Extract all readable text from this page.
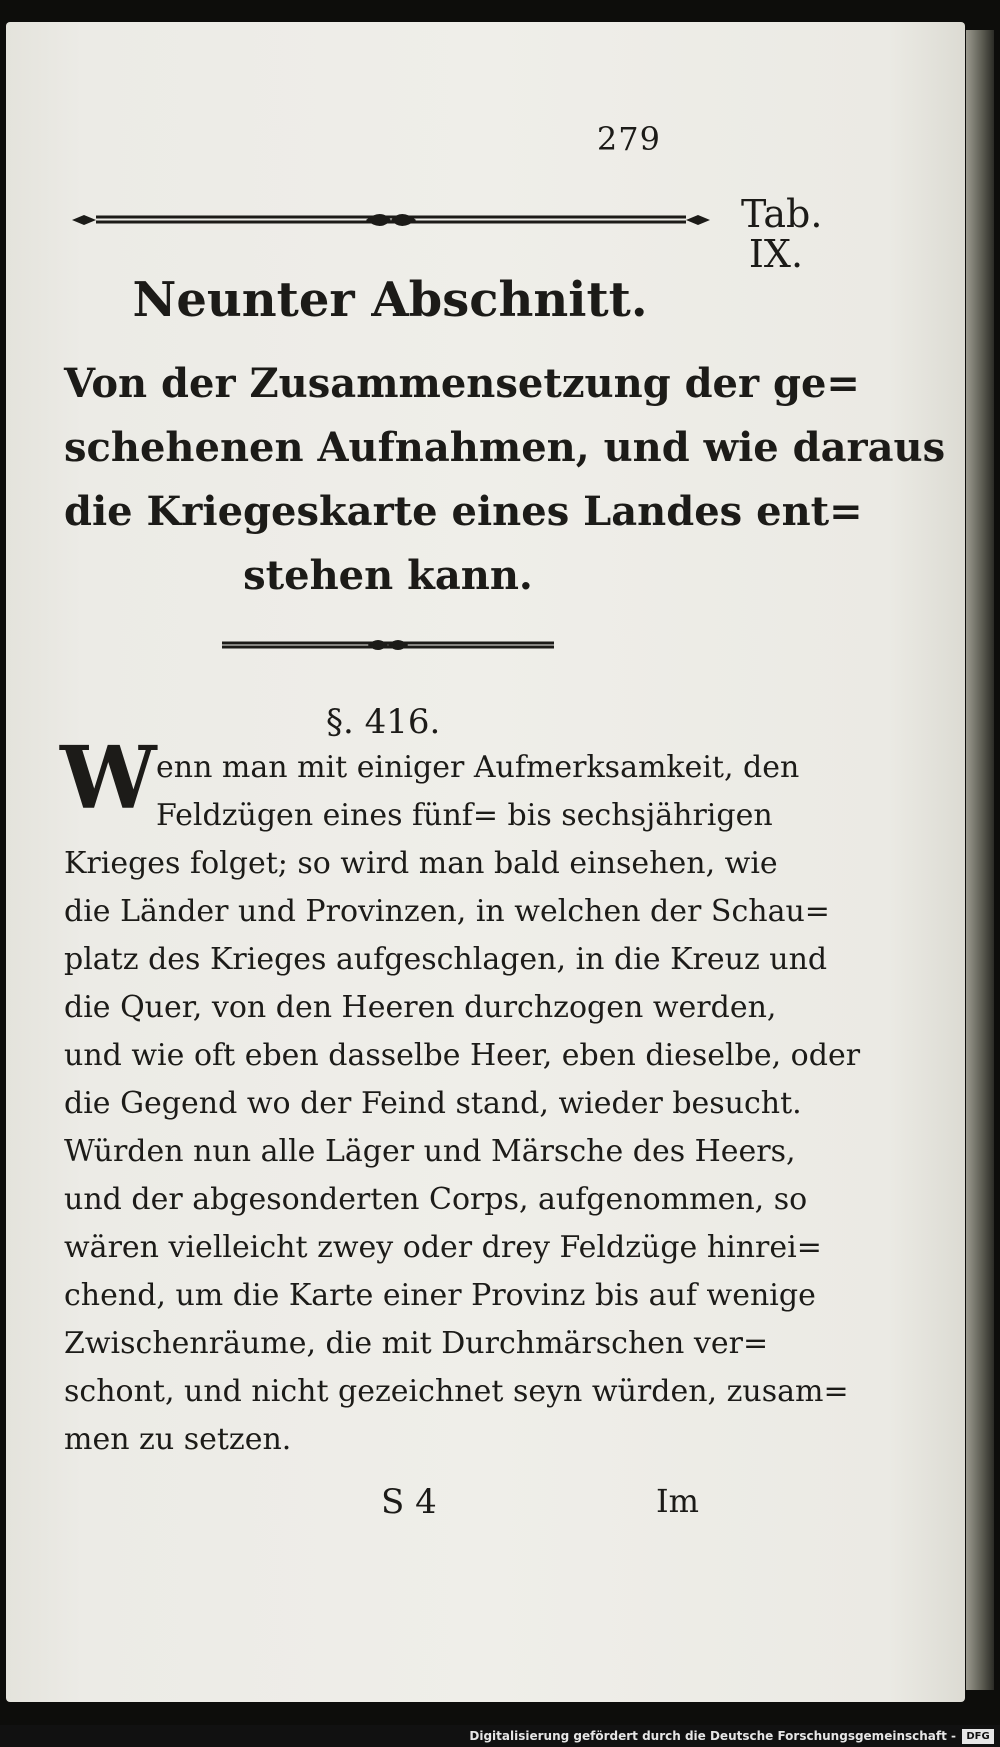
279
Tab.
IX.
Neunter Abschnitt.
Von der Zusammensetzung der ge=
schehenen Aufnahmen, und wie daraus
die Kriegeskarte eines Landes ent=
stehen kann.
§. 416.
W enn man mit einiger Aufmerksamkeit, den
Feldzügen eines fünf= bis sechsjährigen
Krieges folget; so wird man bald einsehen, wie
die Länder und Provinzen, in welchen der Schau=
platz des Krieges aufgeschlagen, in die Kreuz und
die Quer, von den Heeren durchzogen werden,
und wie oft eben dasselbe Heer, eben dieselbe, oder
die Gegend wo der Feind stand, wieder besucht.
Würden nun alle Läger und Märsche des Heers,
und der abgesonderten Corps, aufgenommen, so
wären vielleicht zwey oder drey Feldzüge hinrei=
chend, um die Karte einer Provinz bis auf wenige
Zwischenräume, die mit Durchmärschen ver=
schont, und nicht gezeichnet seyn würden, zusam=
men zu setzen.
S 4	Im
Digitalisierung gefördert durch die Deutsche Forschungsgemeinschaft -	DFG
